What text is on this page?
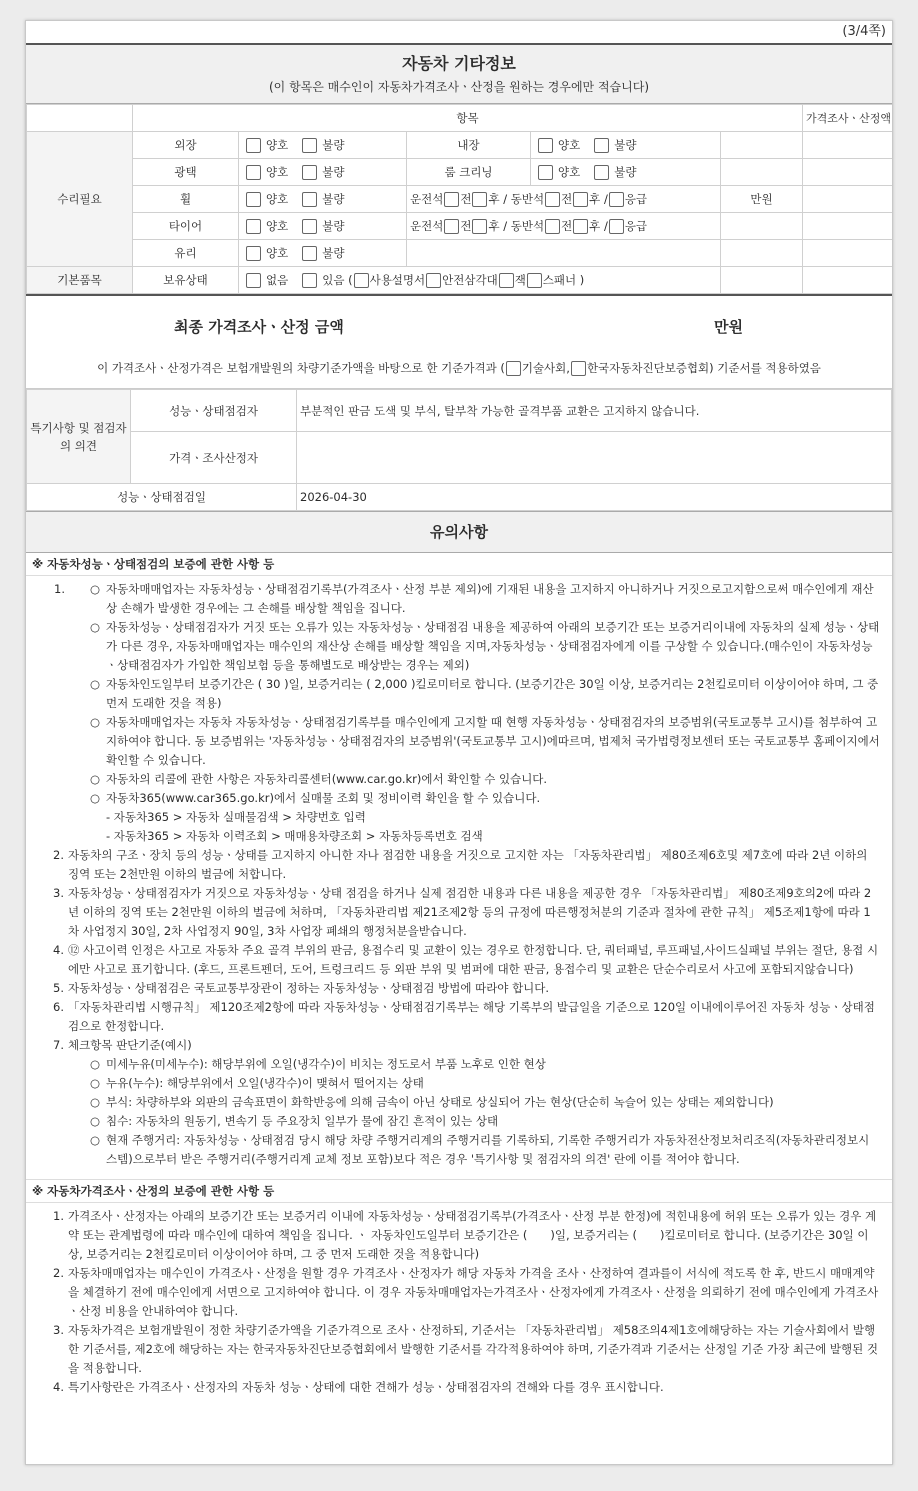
(3/4쪽)
자동차 기타정보
(이 항목은 매수인이 자동차가격조사ㆍ산정을 원하는 경우에만 적습니다)
	항목					가격조사ㆍ산정액
수리필요	외장	양호 불량	내장	양호 불량		
	광택	양호 불량	룸 크리닝	양호 불량		
	휠	양호 불량	운전석 전 후 / 동반석 전 후 / 응급		만원	
	타이어	양호 불량	운전석 전 후 / 동반석 전 후 / 응급			
	유리	양호 불량				
기본품목	보유상태	없음 있음 ( 사용설명서 안전삼각대 잭 스패너 )				
최종 가격조사ㆍ산정 금액	만원
이 가격조사ㆍ산정가격은 보험개발원의 차량기준가액을 바탕으로 한 기준가격과 ( 기술사회, 한국자동차진단보증협회) 기준서를 적용하였음
특기사항 및 점검자의 의견	성능ㆍ상태점검자	부분적인 판금 도색 및 부식, 탈부착 가능한 골격부품 교환은 고지하지 않습니다.
	가격ㆍ조사산정자	
성능ㆍ상태점검일		2026-04-30
유의사항
※ 자동차성능ㆍ상태점검의 보증에 관한 사항 등
1. ○ 자동차매매업자는 자동차성능ㆍ상태점검기록부(가격조사ㆍ산정 부분 제외)에 기재된 내용을 고지하지 아니하거나 거짓으로고지함으로써 매수인에게 재산상 손해가 발생한 경우에는 그 손해를 배상할 책임을 집니다.
○ 자동차성능ㆍ상태점검자가 거짓 또는 오류가 있는 자동차성능ㆍ상태점검 내용을 제공하여 아래의 보증기간 또는 보증거리이내에 자동차의 실제 성능ㆍ상태가 다른 경우, 자동차매매업자는 매수인의 재산상 손해를 배상할 책임을 지며,자동차성능ㆍ상태점검자에게 이를 구상할 수 있습니다.(매수인이 자동차성능ㆍ상태점검자가 가입한 책임보험 등을 통해별도로 배상받는 경우는 제외)
○ 자동차인도일부터 보증기간은 ( 30 )일, 보증거리는 ( 2,000 )킬로미터로 합니다. (보증기간은 30일 이상, 보증거리는 2천킬로미터 이상이어야 하며, 그 중 먼저 도래한 것을 적용)
○ 자동차매매업자는 자동차 자동차성능ㆍ상태점검기록부를 매수인에게 고지할 때 현행 자동차성능ㆍ상태점검자의 보증범위(국토교통부 고시)를 첨부하여 고지하여야 합니다. 동 보증범위는 '자동차성능ㆍ상태점검자의 보증범위'(국토교통부 고시)에따르며, 법제처 국가법령정보센터 또는 국토교통부 홈페이지에서 확인할 수 있습니다.
○ 자동차의 리콜에 관한 사항은 자동차리콜센터(www.car.go.kr)에서 확인할 수 있습니다.
○ 자동차365(www.car365.go.kr)에서 실매물 조회 및 정비이력 확인을 할 수 있습니다.
- 자동차365 > 자동차 실매물검색 > 차량번호 입력
- 자동차365 > 자동차 이력조회 > 매매용차량조회 > 자동차등록번호 검색
2. 자동차의 구조ㆍ장치 등의 성능ㆍ상태를 고지하지 아니한 자나 점검한 내용을 거짓으로 고지한 자는 「자동차관리법」 제80조제6호및 제7호에 따라 2년 이하의 징역 또는 2천만원 이하의 벌금에 처합니다.
3. 자동차성능ㆍ상태점검자가 거짓으로 자동차성능ㆍ상태 점검을 하거나 실제 점검한 내용과 다른 내용을 제공한 경우 「자동차관리법」 제80조제9호의2에 따라 2년 이하의 징역 또는 2천만원 이하의 벌금에 처하며, 「자동차관리법 제21조제2항 등의 규정에 따른행정처분의 기준과 절차에 관한 규칙」 제5조제1항에 따라 1차 사업정지 30일, 2차 사업정지 90일, 3차 사업장 폐쇄의 행정처분을받습니다.
4. ⑫ 사고이력 인정은 사고로 자동차 주요 골격 부위의 판금, 용접수리 및 교환이 있는 경우로 한정합니다. 단, 쿼터패널, 루프패널,사이드실패널 부위는 절단, 용접 시에만 사고로 표기합니다. (후드, 프론트펜더, 도어, 트렁크리드 등 외판 부위 및 범퍼에 대한 판금, 용접수리 및 교환은 단순수리로서 사고에 포함되지않습니다)
5. 자동차성능ㆍ상태점검은 국토교통부장관이 정하는 자동차성능ㆍ상태점검 방법에 따라야 합니다.
6. 「자동차관리법 시행규칙」 제120조제2항에 따라 자동차성능ㆍ상태점검기록부는 해당 기록부의 발급일을 기준으로 120일 이내에이루어진 자동차 성능ㆍ상태점검으로 한정합니다.
7. 체크항목 판단기준(예시)
○ 미세누유(미세누수): 해당부위에 오일(냉각수)이 비치는 정도로서 부품 노후로 인한 현상
○ 누유(누수): 해당부위에서 오일(냉각수)이 맺혀서 떨어지는 상태
○ 부식: 차량하부와 외판의 금속표면이 화학반응에 의해 금속이 아닌 상태로 상실되어 가는 현상(단순히 녹슬어 있는 상태는 제외합니다)
○ 침수: 자동차의 원동기, 변속기 등 주요장치 일부가 물에 잠긴 흔적이 있는 상태
○ 현재 주행거리: 자동차성능ㆍ상태점검 당시 해당 차량 주행거리계의 주행거리를 기록하되, 기록한 주행거리가 자동차전산정보처리조직(자동차관리정보시스템)으로부터 받은 주행거리(주행거리계 교체 정보 포함)보다 적은 경우 '특기사항 및 점검자의 의견' 란에 이를 적어야 합니다.
※ 자동차가격조사ㆍ산정의 보증에 관한 사항 등
1. 가격조사ㆍ산정자는 아래의 보증기간 또는 보증거리 이내에 자동차성능ㆍ상태점검기록부(가격조사ㆍ산정 부분 한정)에 적힌내용에 허위 또는 오류가 있는 경우 계약 또는 관계법령에 따라 매수인에 대하여 책임을 집니다. ㆍ 자동차인도일부터 보증기간은 (　　)일, 보증거리는 (　　)킬로미터로 합니다. (보증기간은 30일 이상, 보증거리는 2천킬로미터 이상이어야 하며, 그 중 먼저 도래한 것을 적용합니다)
2. 자동차매매업자는 매수인이 가격조사ㆍ산정을 원할 경우 가격조사ㆍ산정자가 해당 자동차 가격을 조사ㆍ산정하여 결과를이 서식에 적도록 한 후, 반드시 매매계약을 체결하기 전에 매수인에게 서면으로 고지하여야 합니다. 이 경우 자동차매매업자는가격조사ㆍ산정자에게 가격조사ㆍ산정을 의뢰하기 전에 매수인에게 가격조사ㆍ산정 비용을 안내하여야 합니다.
3. 자동차가격은 보험개발원이 정한 차량기준가액을 기준가격으로 조사ㆍ산정하되, 기준서는 「자동차관리법」 제58조의4제1호에해당하는 자는 기술사회에서 발행한 기준서를, 제2호에 해당하는 자는 한국자동차진단보증협회에서 발행한 기준서를 각각적용하여야 하며, 기준가격과 기준서는 산정일 기준 가장 최근에 발행된 것을 적용합니다.
4. 특기사항란은 가격조사ㆍ산정자의 자동차 성능ㆍ상태에 대한 견해가 성능ㆍ상태점검자의 견해와 다를 경우 표시합니다.
